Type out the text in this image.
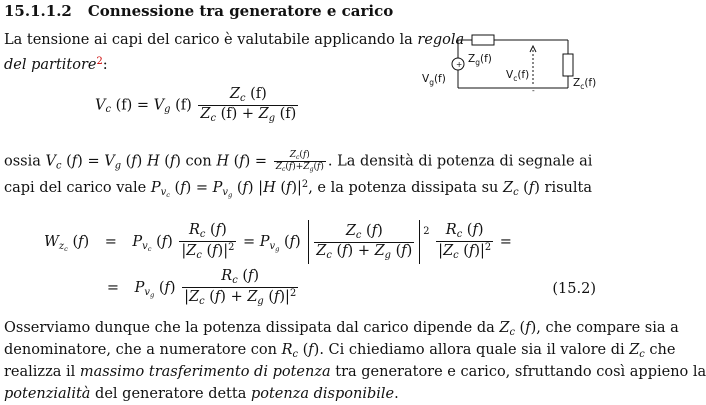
15.1.1.2 Connessione tra generatore e carico
La tensione ai capi del carico è valutabile applicando la regola
del partitore$^2$:	+
$V_g(f)$
$Z_g(f)$
$V_c(f)$
$Z_c(f)$
-
$V_c$ $(f) = V_g$ $(f) \frac{Z_c (f)}{Z_c (f) + Z_g (f)}$
ossia $V_c$ $(f) = V_g$ (f) H (f) con H $(f) = \frac{Z_c(f)}{Z_c(f)+Z_g(f)}$ . La densità di potenza di segnale ai
capi del carico vale $P_{v_c}$ $(f) = P_{v_g}$ (f) |H $(f)|^2$, e la potenza dissipata su $Z_c$ (f) risulta
$W_{z_c}$ $(f) = P_{v_c}$ $(f) \frac{R_c (f)}{|Z_c (f)|^2} = P_{v_g}$ $(f) \frac{Z_c (f)}{Z_c (f) + Z_g (f)} ^2 \frac{R_c (f)}{|Z_c (f)|^2}$ =
= $P_{v_g}$ $(f) \frac{R_c (f)}{|Z_c (f) + Z_g (f)|^2}$	(15.2)
Osserviamo dunque che la potenza dissipata dal carico dipende da $Z_c$ (f), che compare sia a
denominatore, che a numeratore con $R_c$ (f). Ci chiediamo allora quale sia il valore di $Z_c$ che
realizza il massimo trasferimento di potenza tra generatore e carico, sfruttando così appieno la
potenzialità del generatore detta potenza disponibile.
